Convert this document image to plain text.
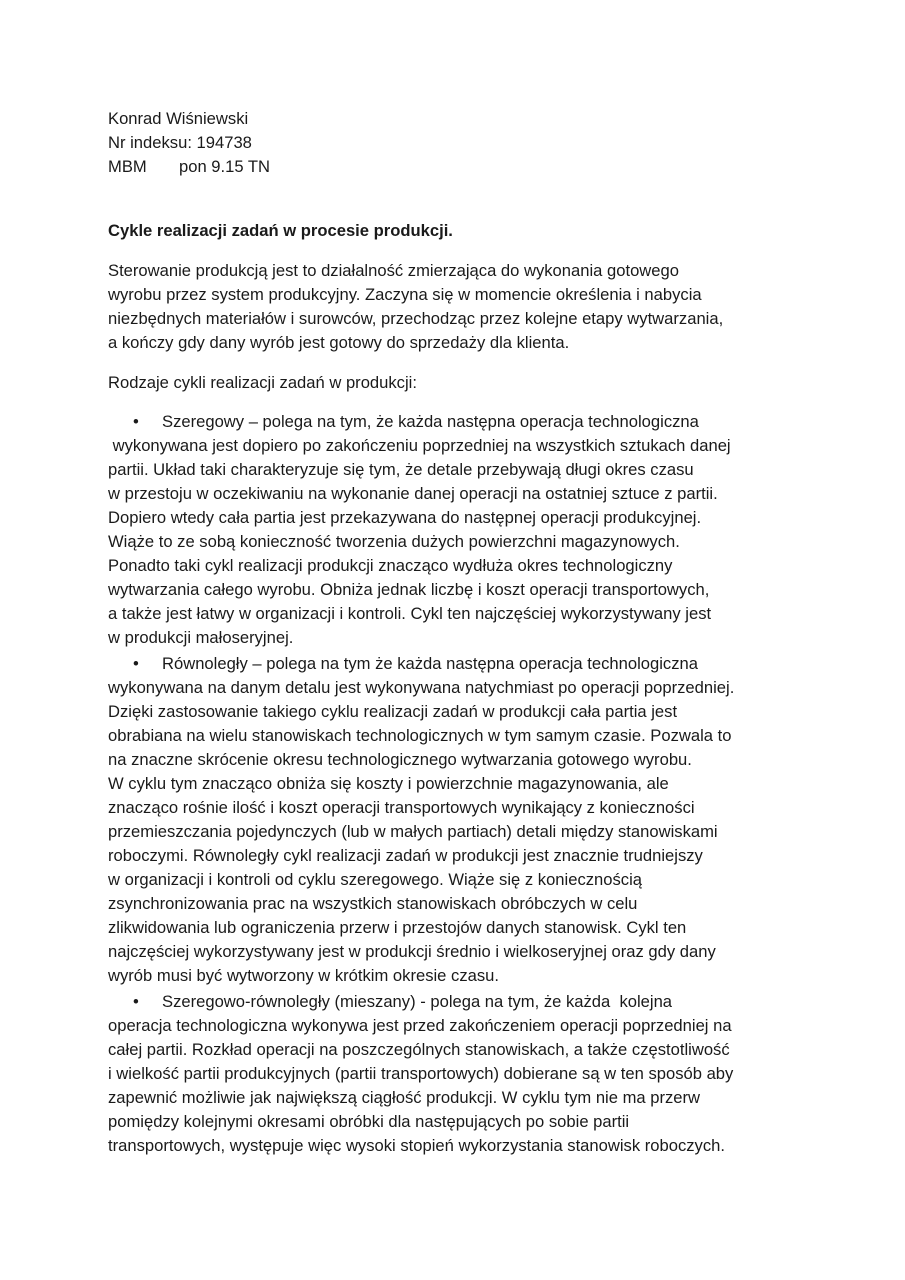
Konrad Wiśniewski
Nr indeksu: 194738
MBM       pon 9.15 TN
Cykle realizacji zadań w procesie produkcji.
Sterowanie produkcją jest to działalność zmierzająca do wykonania gotowego
wyrobu przez system produkcyjny. Zaczyna się w momencie określenia i nabycia
niezbędnych materiałów i surowców, przechodząc przez kolejne etapy wytwarzania,
a kończy gdy dany wyrób jest gotowy do sprzedaży dla klienta.
Rodzaje cykli realizacji zadań w produkcji:
• Szeregowy – polega na tym, że każda następna operacja technologiczna
wykonywana jest dopiero po zakończeniu poprzedniej na wszystkich sztukach danej
partii. Układ taki charakteryzuje się tym, że detale przebywają długi okres czasu
w przestoju w oczekiwaniu na wykonanie danej operacji na ostatniej sztuce z partii.
Dopiero wtedy cała partia jest przekazywana do następnej operacji produkcyjnej.
Wiąże to ze sobą konieczność tworzenia dużych powierzchni magazynowych.
Ponadto taki cykl realizacji produkcji znacząco wydłuża okres technologiczny
wytwarzania całego wyrobu. Obniża jednak liczbę i koszt operacji transportowych,
a także jest łatwy w organizacji i kontroli. Cykl ten najczęściej wykorzystywany jest
w produkcji małoseryjnej.
• Równoległy – polega na tym że każda następna operacja technologiczna
wykonywana na danym detalu jest wykonywana natychmiast po operacji poprzedniej.
Dzięki zastosowanie takiego cyklu realizacji zadań w produkcji cała partia jest
obrabiana na wielu stanowiskach technologicznych w tym samym czasie. Pozwala to
na znaczne skrócenie okresu technologicznego wytwarzania gotowego wyrobu.
W cyklu tym znacząco obniża się koszty i powierzchnie magazynowania, ale
znacząco rośnie ilość i koszt operacji transportowych wynikający z konieczności
przemieszczania pojedynczych (lub w małych partiach) detali między stanowiskami
roboczymi. Równoległy cykl realizacji zadań w produkcji jest znacznie trudniejszy
w organizacji i kontroli od cyklu szeregowego. Wiąże się z koniecznością
zsynchronizowania prac na wszystkich stanowiskach obróbczych w celu
zlikwidowania lub ograniczenia przerw i przestojów danych stanowisk. Cykl ten
najczęściej wykorzystywany jest w produkcji średnio i wielkoseryjnej oraz gdy dany
wyrób musi być wytworzony w krótkim okresie czasu.
• Szeregowo-równoległy (mieszany) - polega na tym, że każda  kolejna
operacja technologiczna wykonywa jest przed zakończeniem operacji poprzedniej na
całej partii. Rozkład operacji na poszczególnych stanowiskach, a także częstotliwość
i wielkość partii produkcyjnych (partii transportowych) dobierane są w ten sposób aby
zapewnić możliwie jak największą ciągłość produkcji. W cyklu tym nie ma przerw
pomiędzy kolejnymi okresami obróbki dla następujących po sobie partii
transportowych, występuje więc wysoki stopień wykorzystania stanowisk roboczych.
